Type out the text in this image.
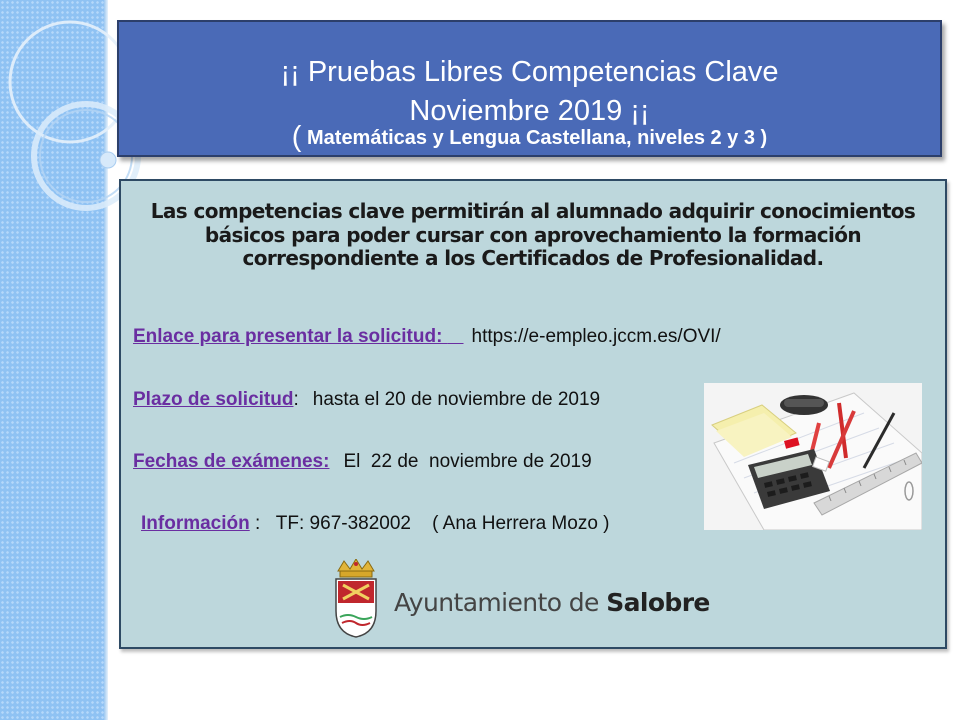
¡¡ Pruebas Libres Competencias Clave
Noviembre 2019 ¡¡
( Matemáticas y Lengua Castellana, niveles 2 y 3 )
Las competencias clave permitirán al alumnado adquirir conocimientos
básicos para poder cursar con aprovechamiento la formación
correspondiente a los Certificados de Profesionalidad.
Enlace para presentar la solicitud:    https://e-empleo.jccm.es/OVI/
Plazo de solicitud: hasta el 20 de noviembre de 2019
Fechas de exámenes: El  22 de  noviembre de 2019
Información :   TF: 967-382002    ( Ana Herrera Mozo )
Ayuntamiento de Salobre
